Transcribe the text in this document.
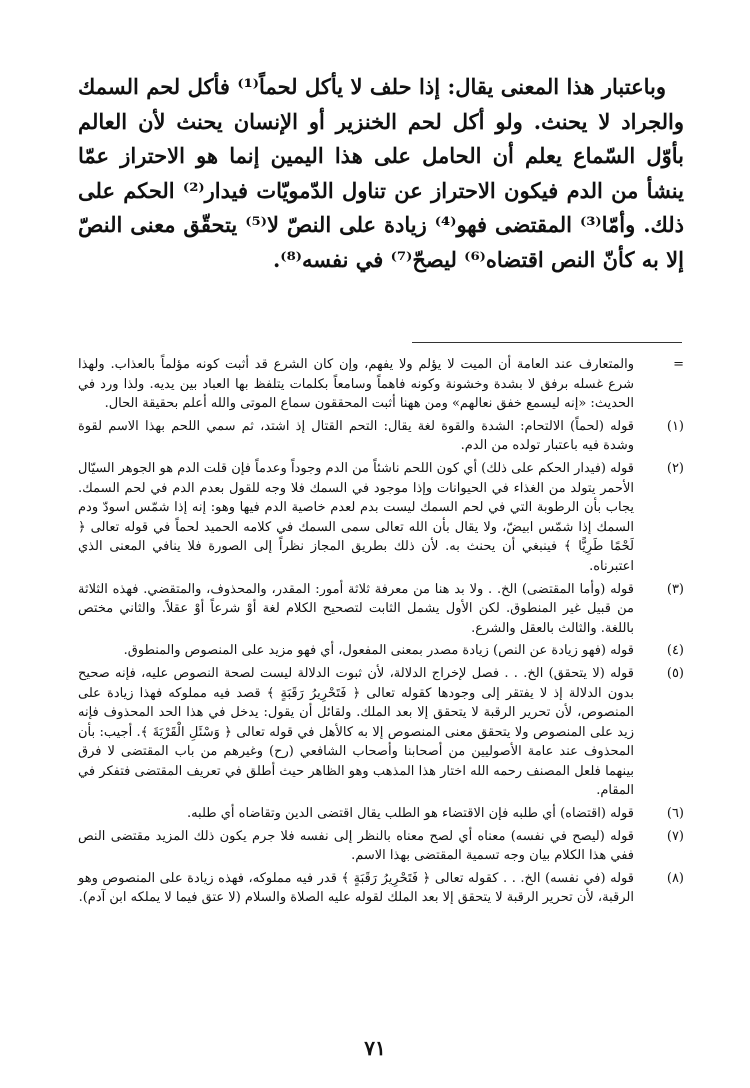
وباعتبار هذا المعنى يقال: إذا حلف لا يأكل لحماً⁽¹⁾ فأكل لحم السمك والجراد لا يحنث. ولو أكل لحم الخنزير أو الإنسان يحنث لأن العالم بأوّل السّماع يعلم أن الحامل على هذا اليمين إنما هو الاحتراز عمّا ينشأ من الدم فيكون الاحتراز عن تناول الدّمويّات فيدار⁽²⁾ الحكم على ذلك. وأمّا⁽³⁾ المقتضى فهو⁽⁴⁾ زيادة على النصّ لا⁽⁵⁾ يتحقّق معنى النصّ إلا به كأنّ النص اقتضاه⁽⁶⁾ ليصحّ⁽⁷⁾ في نفسه⁽⁸⁾.

=
والمتعارف عند العامة أن الميت لا يؤلم ولا يفهم، وإن كان الشرع قد أثبت كونه مؤلماً بالعذاب. ولهذا شرع غسله برفق لا بشدة وخشونة وكونه فاهماً وسامعاً بكلمات يتلفظ بها العباد بين يديه. ولذا ورد في الحديث: «إنه ليسمع خفق نعالهم» ومن ههنا أثبت المحققون سماع الموتى والله أعلم بحقيقة الحال.
(١)
قوله (لحماً) الالتحام: الشدة والقوة لغة يقال: التحم القتال إذ اشتد، ثم سمي اللحم بهذا الاسم لقوة وشدة فيه باعتبار تولده من الدم.
(٢)
قوله (فيدار الحكم على ذلك) أي كون اللحم ناشئاً من الدم وجوداً وعدماً فإن قلت الدم هو الجوهر السيّال الأحمر يتولد من الغذاء في الحيوانات وإذا موجود في السمك فلا وجه للقول بعدم الدم في لحم السمك. يجاب بأن الرطوبة التي في لحم السمك ليست بدم لعدم خاصية الدم فيها وهو: إنه إذا شمّس اسودّ ودم السمك إذا شمّس ابيضّ، ولا يقال بأن الله تعالى سمى السمك في كلامه الحميد لحماً في قوله تعالى ﴿ لَحْمًا طَرِيًّا ﴾ فينبغي أن يحنث به. لأن ذلك بطريق المجاز نظراً إلى الصورة فلا ينافي المعنى الذي اعتبرناه.
(٣)
قوله (وأما المقتضى) الخ. . ولا بد هنا من معرفة ثلاثة أمور: المقدر، والمحذوف، والمتقضي. فهذه الثلاثة من قبيل غير المنطوق. لكن الأول يشمل الثابت لتصحيح الكلام لغة أوْ شرعاً أوْ عقلاً. والثاني مختص باللغة. والثالث بالعقل والشرع.
(٤)
قوله (فهو زيادة عن النص) زيادة مصدر بمعنى المفعول، أي فهو مزيد على المنصوص والمنطوق.
(٥)
قوله (لا يتحقق) الخ. . . فصل لإخراج الدلالة، لأن ثبوت الدلالة ليست لصحة النصوص عليه، فإنه صحيح بدون الدلالة إذ لا يفتقر إلى وجودها كقوله تعالى ﴿ فَتَحْرِيرُ رَقَبَةٍ ﴾ قصد فيه مملوكه فهذا زيادة على المنصوص، لأن تحرير الرقبة لا يتحقق إلا بعد الملك. ولقائل أن يقول: يدخل في هذا الحد المحذوف فإنه زيد على المنصوص ولا يتحقق معنى المنصوص إلا به كالأهل في قوله تعالى ﴿ وَسْئَلِ الْقَرْيَةَ ﴾. أجيب: بأن المحذوف عند عامة الأصوليين من أصحابنا وأصحاب الشافعي (رح) وغيرهم من باب المقتضى لا فرق بينهما فلعل المصنف رحمه الله اختار هذا المذهب وهو الظاهر حيث أطلق في تعريف المقتضى فتفكر في المقام.
(٦)
قوله (اقتضاه) أي طلبه فإن الاقتضاء هو الطلب يقال اقتضى الدين وتقاضاه أي طلبه.
(٧)
قوله (ليصح في نفسه) معناه أي لصح معناه بالنظر إلى نفسه فلا جرم يكون ذلك المزيد مقتضى النص ففي هذا الكلام بيان وجه تسمية المقتضى بهذا الاسم.
(٨)
قوله (في نفسه) الخ. . . كقوله تعالى ﴿ فَتَحْرِيرُ رَقَبَةٍ ﴾ قدر فيه مملوكه، فهذه زيادة على المنصوص وهو الرقبة، لأن تحرير الرقبة لا يتحقق إلا بعد الملك لقوله عليه الصلاة والسلام (لا عتق فيما لا يملكه ابن آدم).
٧١
